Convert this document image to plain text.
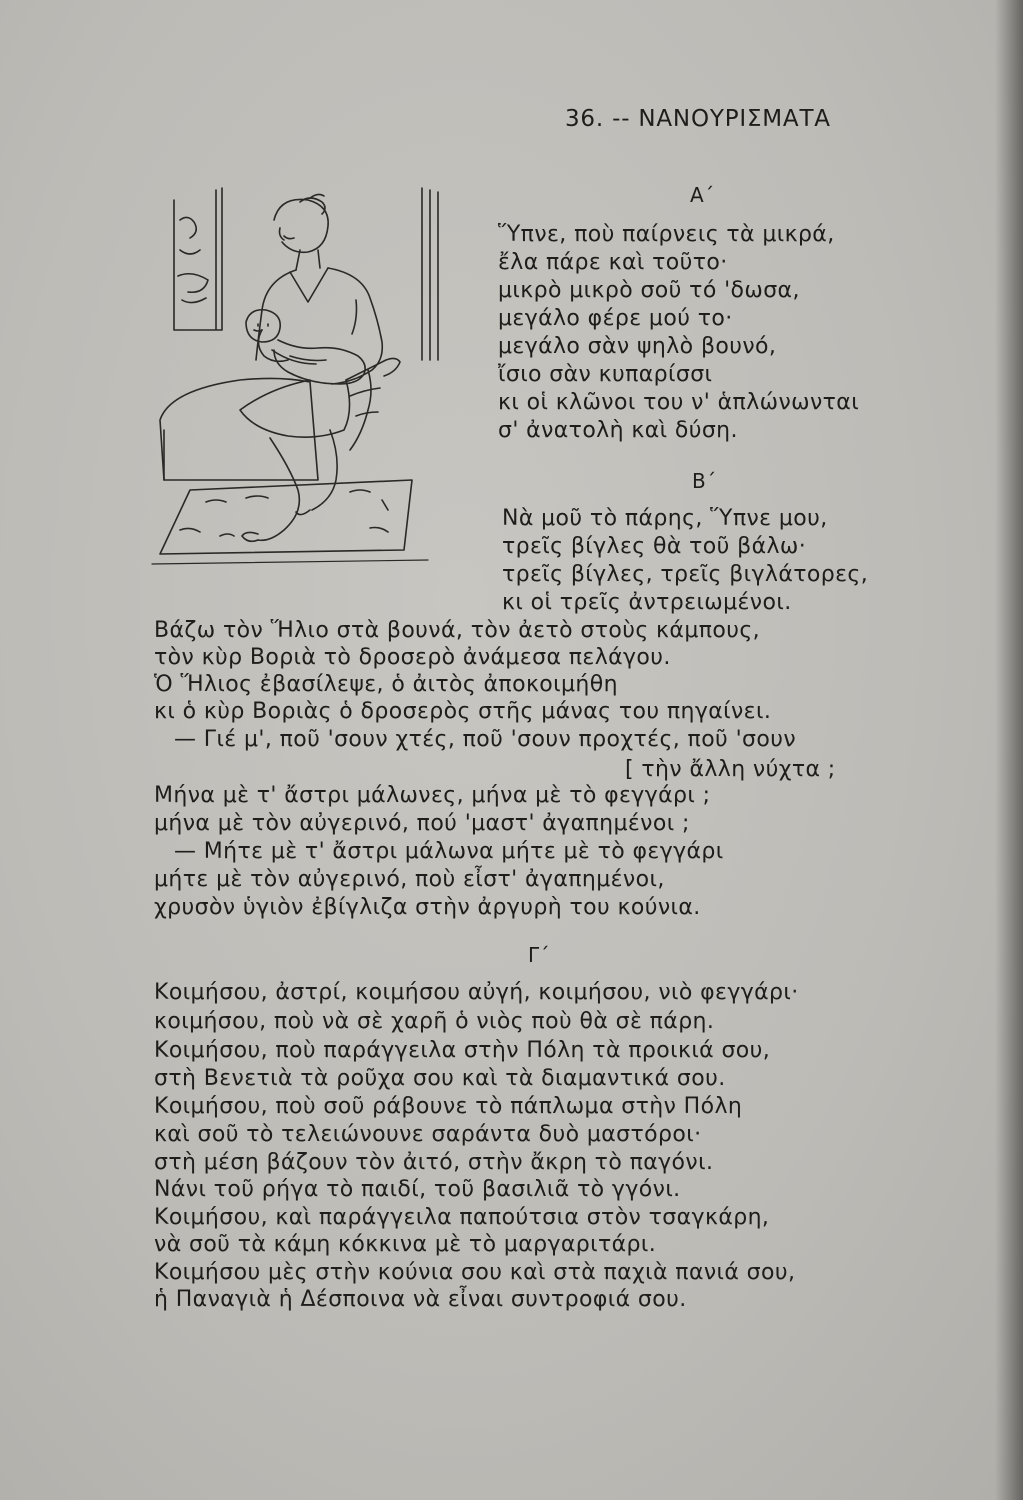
36. -- ΝΑΝΟΥΡΙΣΜΑΤΑ
Α΄
Ὕπνε, ποὺ παίρνεις τὰ μικρά,
ἔλα πάρε καὶ τοῦτο·
μικρὸ μικρὸ σοῦ τό 'δωσα,
μεγάλο φέρε μού το·
μεγάλο σὰν ψηλὸ βουνό,
ἴσιο σὰν κυπαρίσσι
κι οἱ κλῶνοι του ν' ἁπλώνωνται
σ' ἀνατολὴ καὶ δύση.
Β΄
Νὰ μοῦ τὸ πάρης, Ὕπνε μου,
τρεῖς βίγλες θὰ τοῦ βάλω·
τρεῖς βίγλες, τρεῖς βιγλάτορες,
κι οἱ τρεῖς ἀντρειωμένοι.
Βάζω τὸν Ἥλιο στὰ βουνά, τὸν ἀετὸ στοὺς κάμπους,
τὸν κὺρ Βοριὰ τὸ δροσερὸ ἀνάμεσα πελάγου.
Ὁ Ἥλιος ἐβασίλεψε, ὁ ἀιτὸς ἀποκοιμήθη
κι ὁ κὺρ Βοριὰς ὁ δροσερὸς στῆς μάνας του πηγαίνει.
— Γιέ μ', ποῦ 'σουν χτές, ποῦ 'σουν προχτές, ποῦ 'σουν
[ τὴν ἄλλη νύχτα ;
Μήνα μὲ τ' ἄστρι μάλωνες, μήνα μὲ τὸ φεγγάρι ;
μήνα μὲ τὸν αὐγερινό, πού 'μαστ' ἀγαπημένοι ;
— Μήτε μὲ τ' ἄστρι μάλωνα μήτε μὲ τὸ φεγγάρι
μήτε μὲ τὸν αὐγερινό, ποὺ εἶστ' ἀγαπημένοι,
χρυσὸν ὑγιὸν ἐβίγλιζα στὴν ἀργυρὴ του κούνια.
Γ΄
Κοιμήσου, ἀστρί, κοιμήσου αὐγή, κοιμήσου, νιὸ φεγγάρι·
κοιμήσου, ποὺ νὰ σὲ χαρῆ ὁ νιὸς ποὺ θὰ σὲ πάρη.
Κοιμήσου, ποὺ παράγγειλα στὴν Πόλη τὰ προικιά σου,
στὴ Βενετιὰ τὰ ροῦχα σου καὶ τὰ διαμαντικά σου.
Κοιμήσου, ποὺ σοῦ ράβουνε τὸ πάπλωμα στὴν Πόλη
καὶ σοῦ τὸ τελειώνουνε σαράντα δυὸ μαστόροι·
στὴ μέση βάζουν τὸν ἀιτό, στὴν ἄκρη τὸ παγόνι.
Νάνι τοῦ ρήγα τὸ παιδί, τοῦ βασιλιᾶ τὸ γγόνι.
Κοιμήσου, καὶ παράγγειλα παπούτσια στὸν τσαγκάρη,
νὰ σοῦ τὰ κάμη κόκκινα μὲ τὸ μαργαριτάρι.
Κοιμήσου μὲς στὴν κούνια σου καὶ στὰ παχιὰ πανιά σου,
ἡ Παναγιὰ ἡ Δέσποινα νὰ εἶναι συντροφιά σου.
